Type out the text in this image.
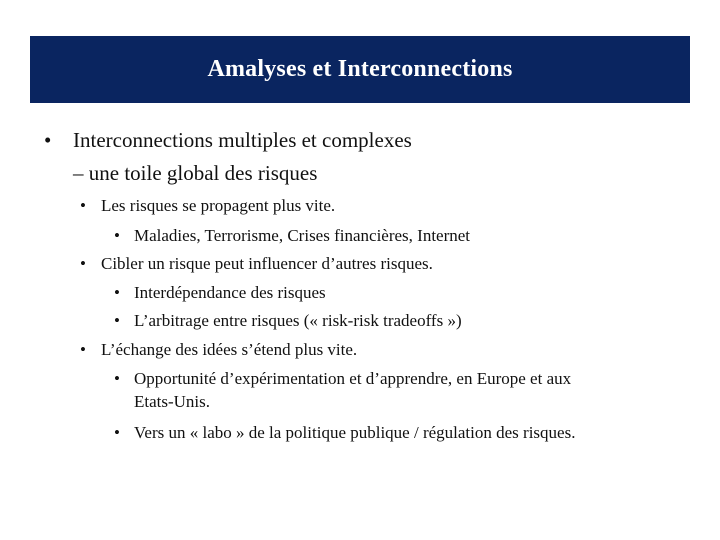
Amalyses et Interconnections
• Interconnections multiples et complexes
– une toile global des risques
• Les risques se propagent plus vite.
• Maladies, Terrorisme, Crises financières, Internet
• Cibler un risque peut influencer d’autres risques.
• Interdépendance des risques
• L’arbitrage entre risques (« risk-risk tradeoffs »)
• L’échange des idées s’étend plus vite.
• Opportunité d’expérimentation et d’apprendre, en Europe et aux
Etats-Unis.
• Vers un « labo » de la politique publique / régulation des risques.
